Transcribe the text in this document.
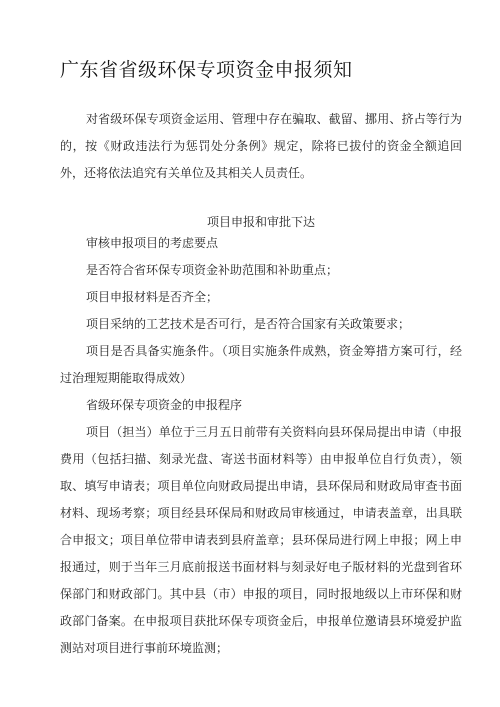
广东省省级环保专项资金申报须知

对省级环保专项资金运用、管理中存在骗取、截留、挪用、挤占等行为的，按《财政违法行为惩罚处分条例》规定，除将已拔付的资金全额追回外，还将依法追究有关单位及其相关人员责任。

项目申报和审批下达

审核申报项目的考虑要点

是否符合省环保专项资金补助范围和补助重点；

项目申报材料是否齐全；

项目采纳的工艺技术是否可行，是否符合国家有关政策要求；

项目是否具备实施条件。（项目实施条件成熟，资金筹措方案可行，经过治理短期能取得成效）

省级环保专项资金的申报程序

项目（担当）单位于三月五日前带有关资料向县环保局提出申请（申报费用（包括扫描、刻录光盘、寄送书面材料等）由申报单位自行负责），领取、填写申请表；项目单位向财政局提出申请，县环保局和财政局审查书面材料、现场考察；项目经县环保局和财政局审核通过，申请表盖章，出具联合申报文；项目单位带申请表到县府盖章；县环保局进行网上申报；网上申报通过，则于当年三月底前报送书面材料与刻录好电子版材料的光盘到省环保部门和财政部门。其中县（市）申报的项目，同时报地级以上市环保和财政部门备案。在申报项目获批环保专项资金后，申报单位邀请县环境爱护监测站对项目进行事前环境监测；
